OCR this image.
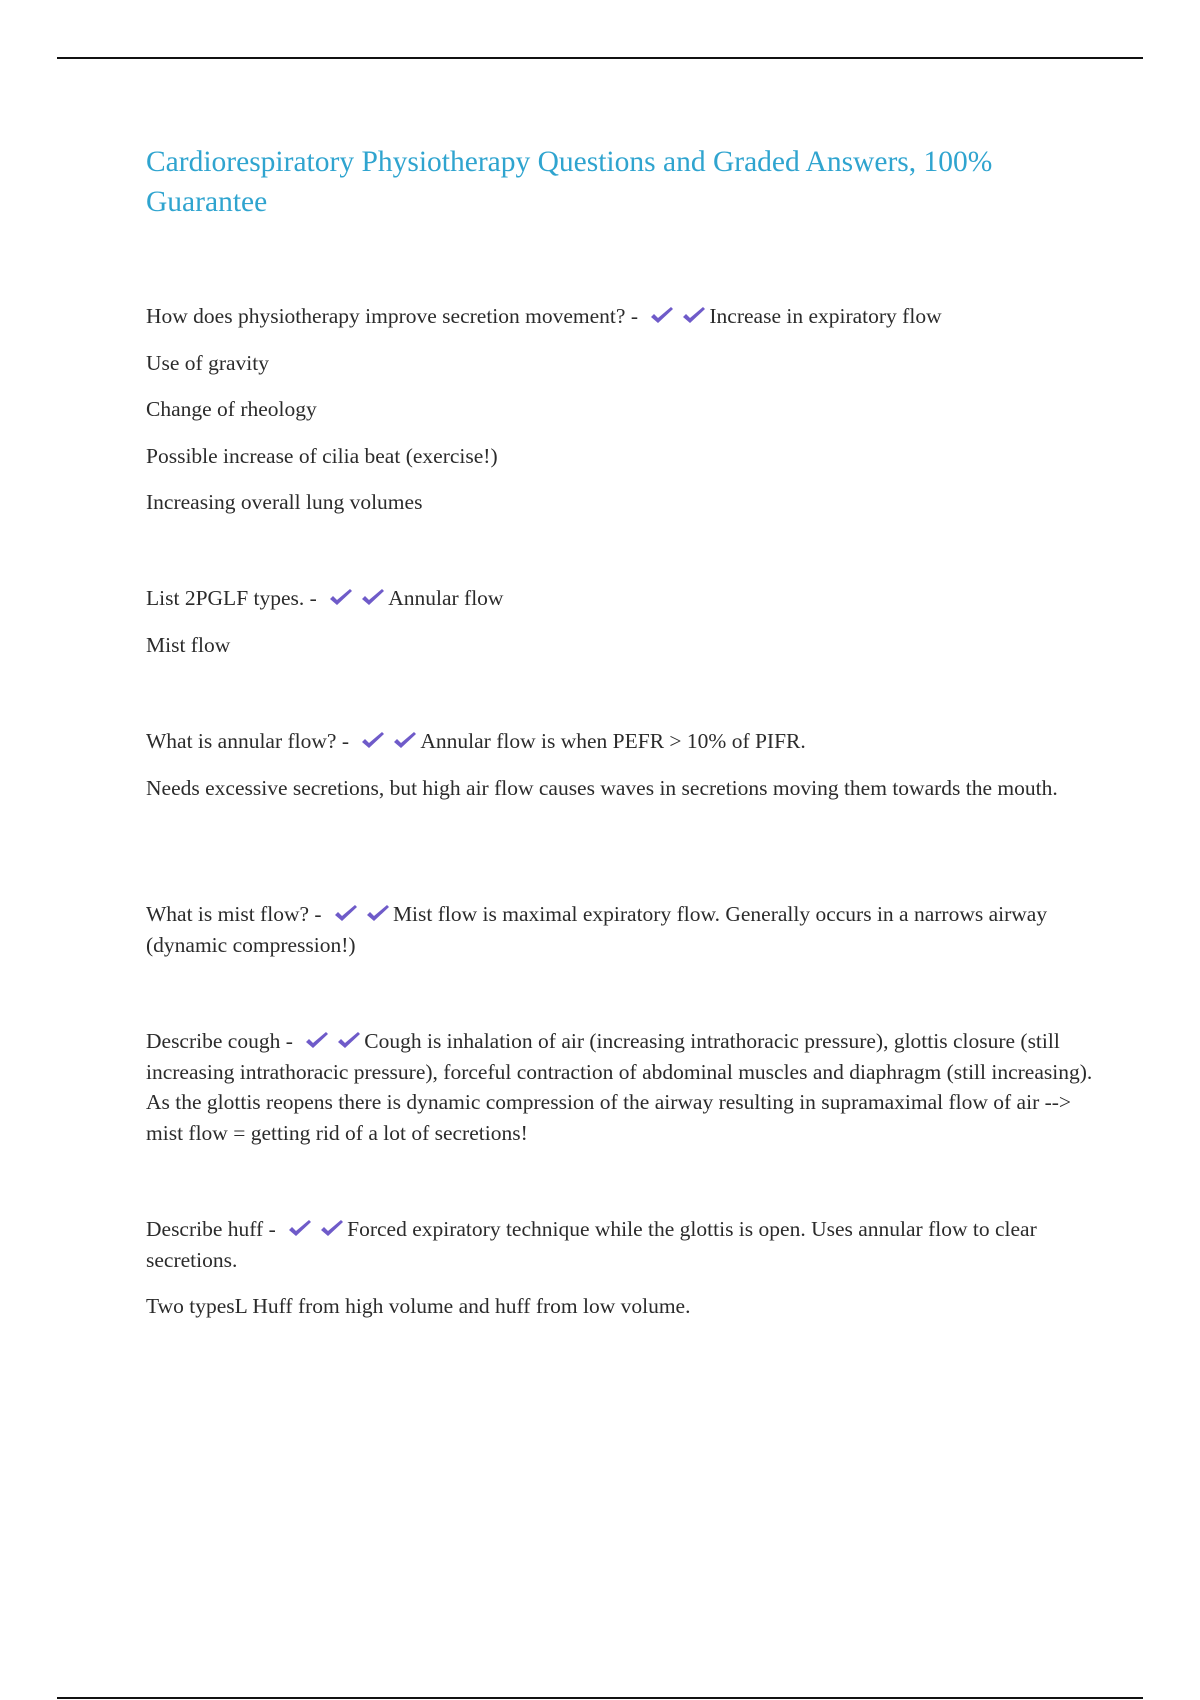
Cardiorespiratory Physiotherapy Questions and Graded Answers, 100% Guarantee

How does physiotherapy improve secretion movement? -	Increase in expiratory flow

Use of gravity

Change of rheology

Possible increase of cilia beat (exercise!)

Increasing overall lung volumes

List 2PGLF types. -	Annular flow

Mist flow

What is annular flow? -	Annular flow is when PEFR > 10% of PIFR.

Needs excessive secretions, but high air flow causes waves in secretions moving them towards the mouth.

What is mist flow? -	Mist flow is maximal expiratory flow. Generally occurs in a narrows airway (dynamic compression!)

Describe cough -	Cough is inhalation of air (increasing intrathoracic pressure), glottis closure (still increasing intrathoracic pressure), forceful contraction of abdominal muscles and diaphragm (still increasing). As the glottis reopens there is dynamic compression of the airway resulting in supramaximal flow of air --> mist flow = getting rid of a lot of secretions!

Describe huff -	Forced expiratory technique while the glottis is open. Uses annular flow to clear secretions.

Two typesL Huff from high volume and huff from low volume.
